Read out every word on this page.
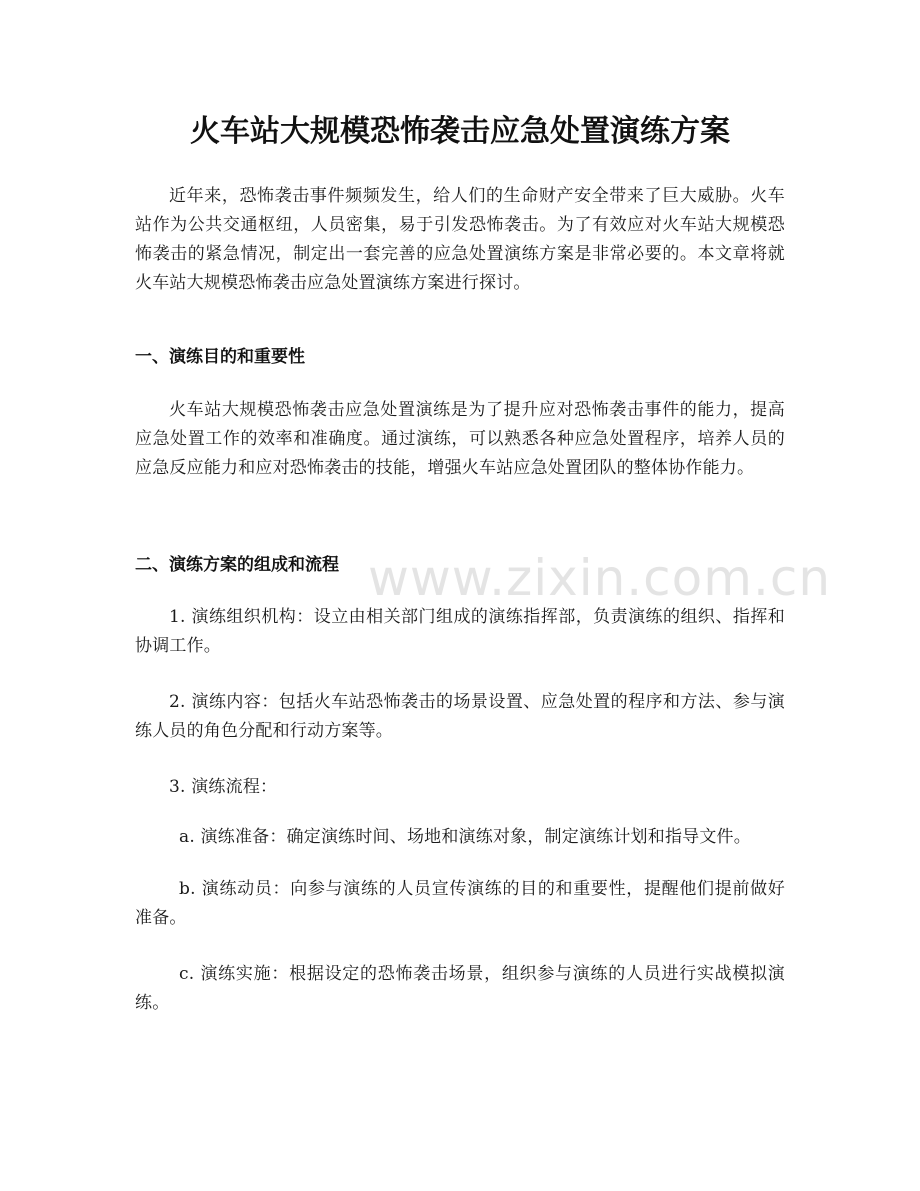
火车站大规模恐怖袭击应急处置演练方案

近年来，恐怖袭击事件频频发生，给人们的生命财产安全带来了巨大威胁。火车站作为公共交通枢纽，人员密集，易于引发恐怖袭击。为了有效应对火车站大规模恐怖袭击的紧急情况，制定出一套完善的应急处置演练方案是非常必要的。本文章将就火车站大规模恐怖袭击应急处置演练方案进行探讨。

一、演练目的和重要性

火车站大规模恐怖袭击应急处置演练是为了提升应对恐怖袭击事件的能力，提高应急处置工作的效率和准确度。通过演练，可以熟悉各种应急处置程序，培养人员的应急反应能力和应对恐怖袭击的技能，增强火车站应急处置团队的整体协作能力。

二、演练方案的组成和流程

1. 演练组织机构：设立由相关部门组成的演练指挥部，负责演练的组织、指挥和协调工作。

2. 演练内容：包括火车站恐怖袭击的场景设置、应急处置的程序和方法、参与演练人员的角色分配和行动方案等。

3. 演练流程：

a. 演练准备：确定演练时间、场地和演练对象，制定演练计划和指导文件。

b. 演练动员：向参与演练的人员宣传演练的目的和重要性，提醒他们提前做好准备。

c. 演练实施：根据设定的恐怖袭击场景，组织参与演练的人员进行实战模拟演练。

www.zixin.com.cn
